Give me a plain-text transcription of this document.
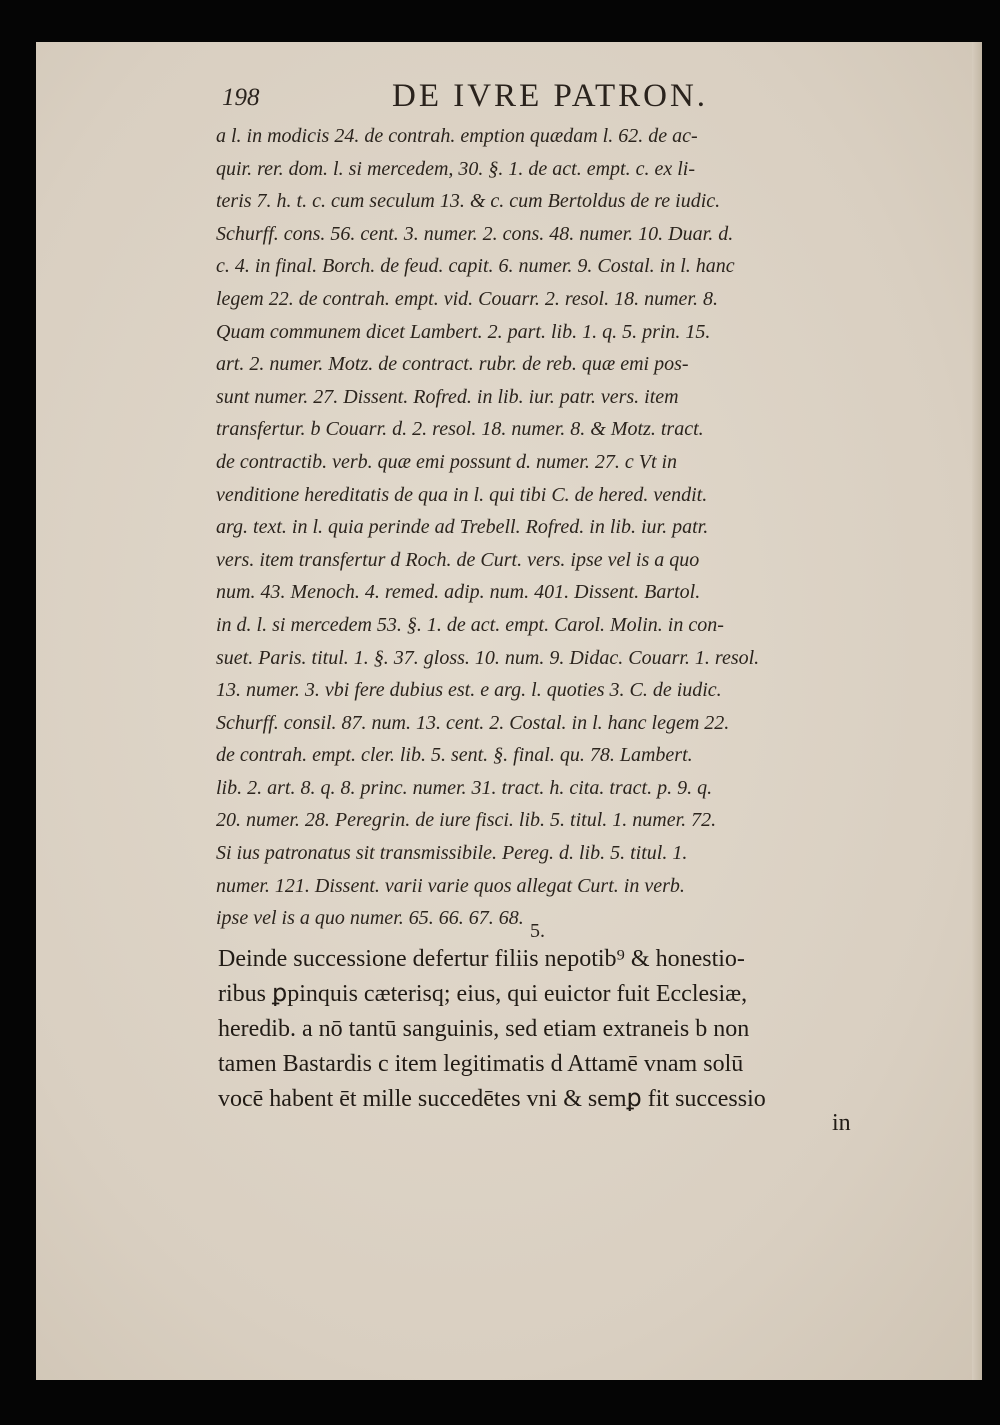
198	DE IVRE PATRON.
a l. in modicis 24. de contrah. emption quædam l. 62. de ac-
quir. rer. dom. l. si mercedem, 30. §. 1. de act. empt. c. ex li-
teris 7. h. t. c. cum seculum 13. & c. cum Bertoldus de re iudic.
Schurff. cons. 56. cent. 3. numer. 2. cons. 48. numer. 10. Duar. d.
c. 4. in final. Borch. de feud. capit. 6. numer. 9. Costal. in l. hanc
legem 22. de contrah. empt. vid. Couarr. 2. resol. 18. numer. 8.
Quam communem dicet Lambert. 2. part. lib. 1. q. 5. prin. 15.
art. 2. numer. Motz. de contract. rubr. de reb. quæ emi pos-
sunt numer. 27. Dissent. Rofred. in lib. iur. patr. vers. item
transfertur. b Couarr. d. 2. resol. 18. numer. 8. & Motz. tract.
de contractib. verb. quæ emi possunt d. numer. 27. c Vt in
venditione hereditatis de qua in l. qui tibi C. de hered. vendit.
arg. text. in l. quia perinde ad Trebell. Rofred. in lib. iur. patr.
vers. item transfertur d Roch. de Curt. vers. ipse vel is a quo
num. 43. Menoch. 4. remed. adip. num. 401. Dissent. Bartol.
in d. l. si mercedem 53. §. 1. de act. empt. Carol. Molin. in con-
suet. Paris. titul. 1. §. 37. gloss. 10. num. 9. Didac. Couarr. 1. resol.
13. numer. 3. vbi fere dubius est. e arg. l. quoties 3. C. de iudic.
Schurff. consil. 87. num. 13. cent. 2. Costal. in l. hanc legem 22.
de contrah. empt. cler. lib. 5. sent. §. final. qu. 78. Lambert.
lib. 2. art. 8. q. 8. princ. numer. 31. tract. h. cita. tract. p. 9. q.
20. numer. 28. Peregrin. de iure fisci. lib. 5. titul. 1. numer. 72.
Si ius patronatus sit transmissibile. Pereg. d. lib. 5. titul. 1.
numer. 121. Dissent. varii varie quos allegat Curt. in verb.
ipse vel is a quo numer. 65. 66. 67. 68.
5.
Deinde successione defertur filiis nepotib⁹ & honestio-
ribus ꝑpinquis cæterisq; eius, qui euictor fuit Ecclesiæ,
heredib. a nō tantū sanguinis, sed etiam extraneis b non
tamen Bastardis c item legitimatis d Attamē vnam solū
vocē habent ēt mille succedētes vni & semꝑ fit successio
in
